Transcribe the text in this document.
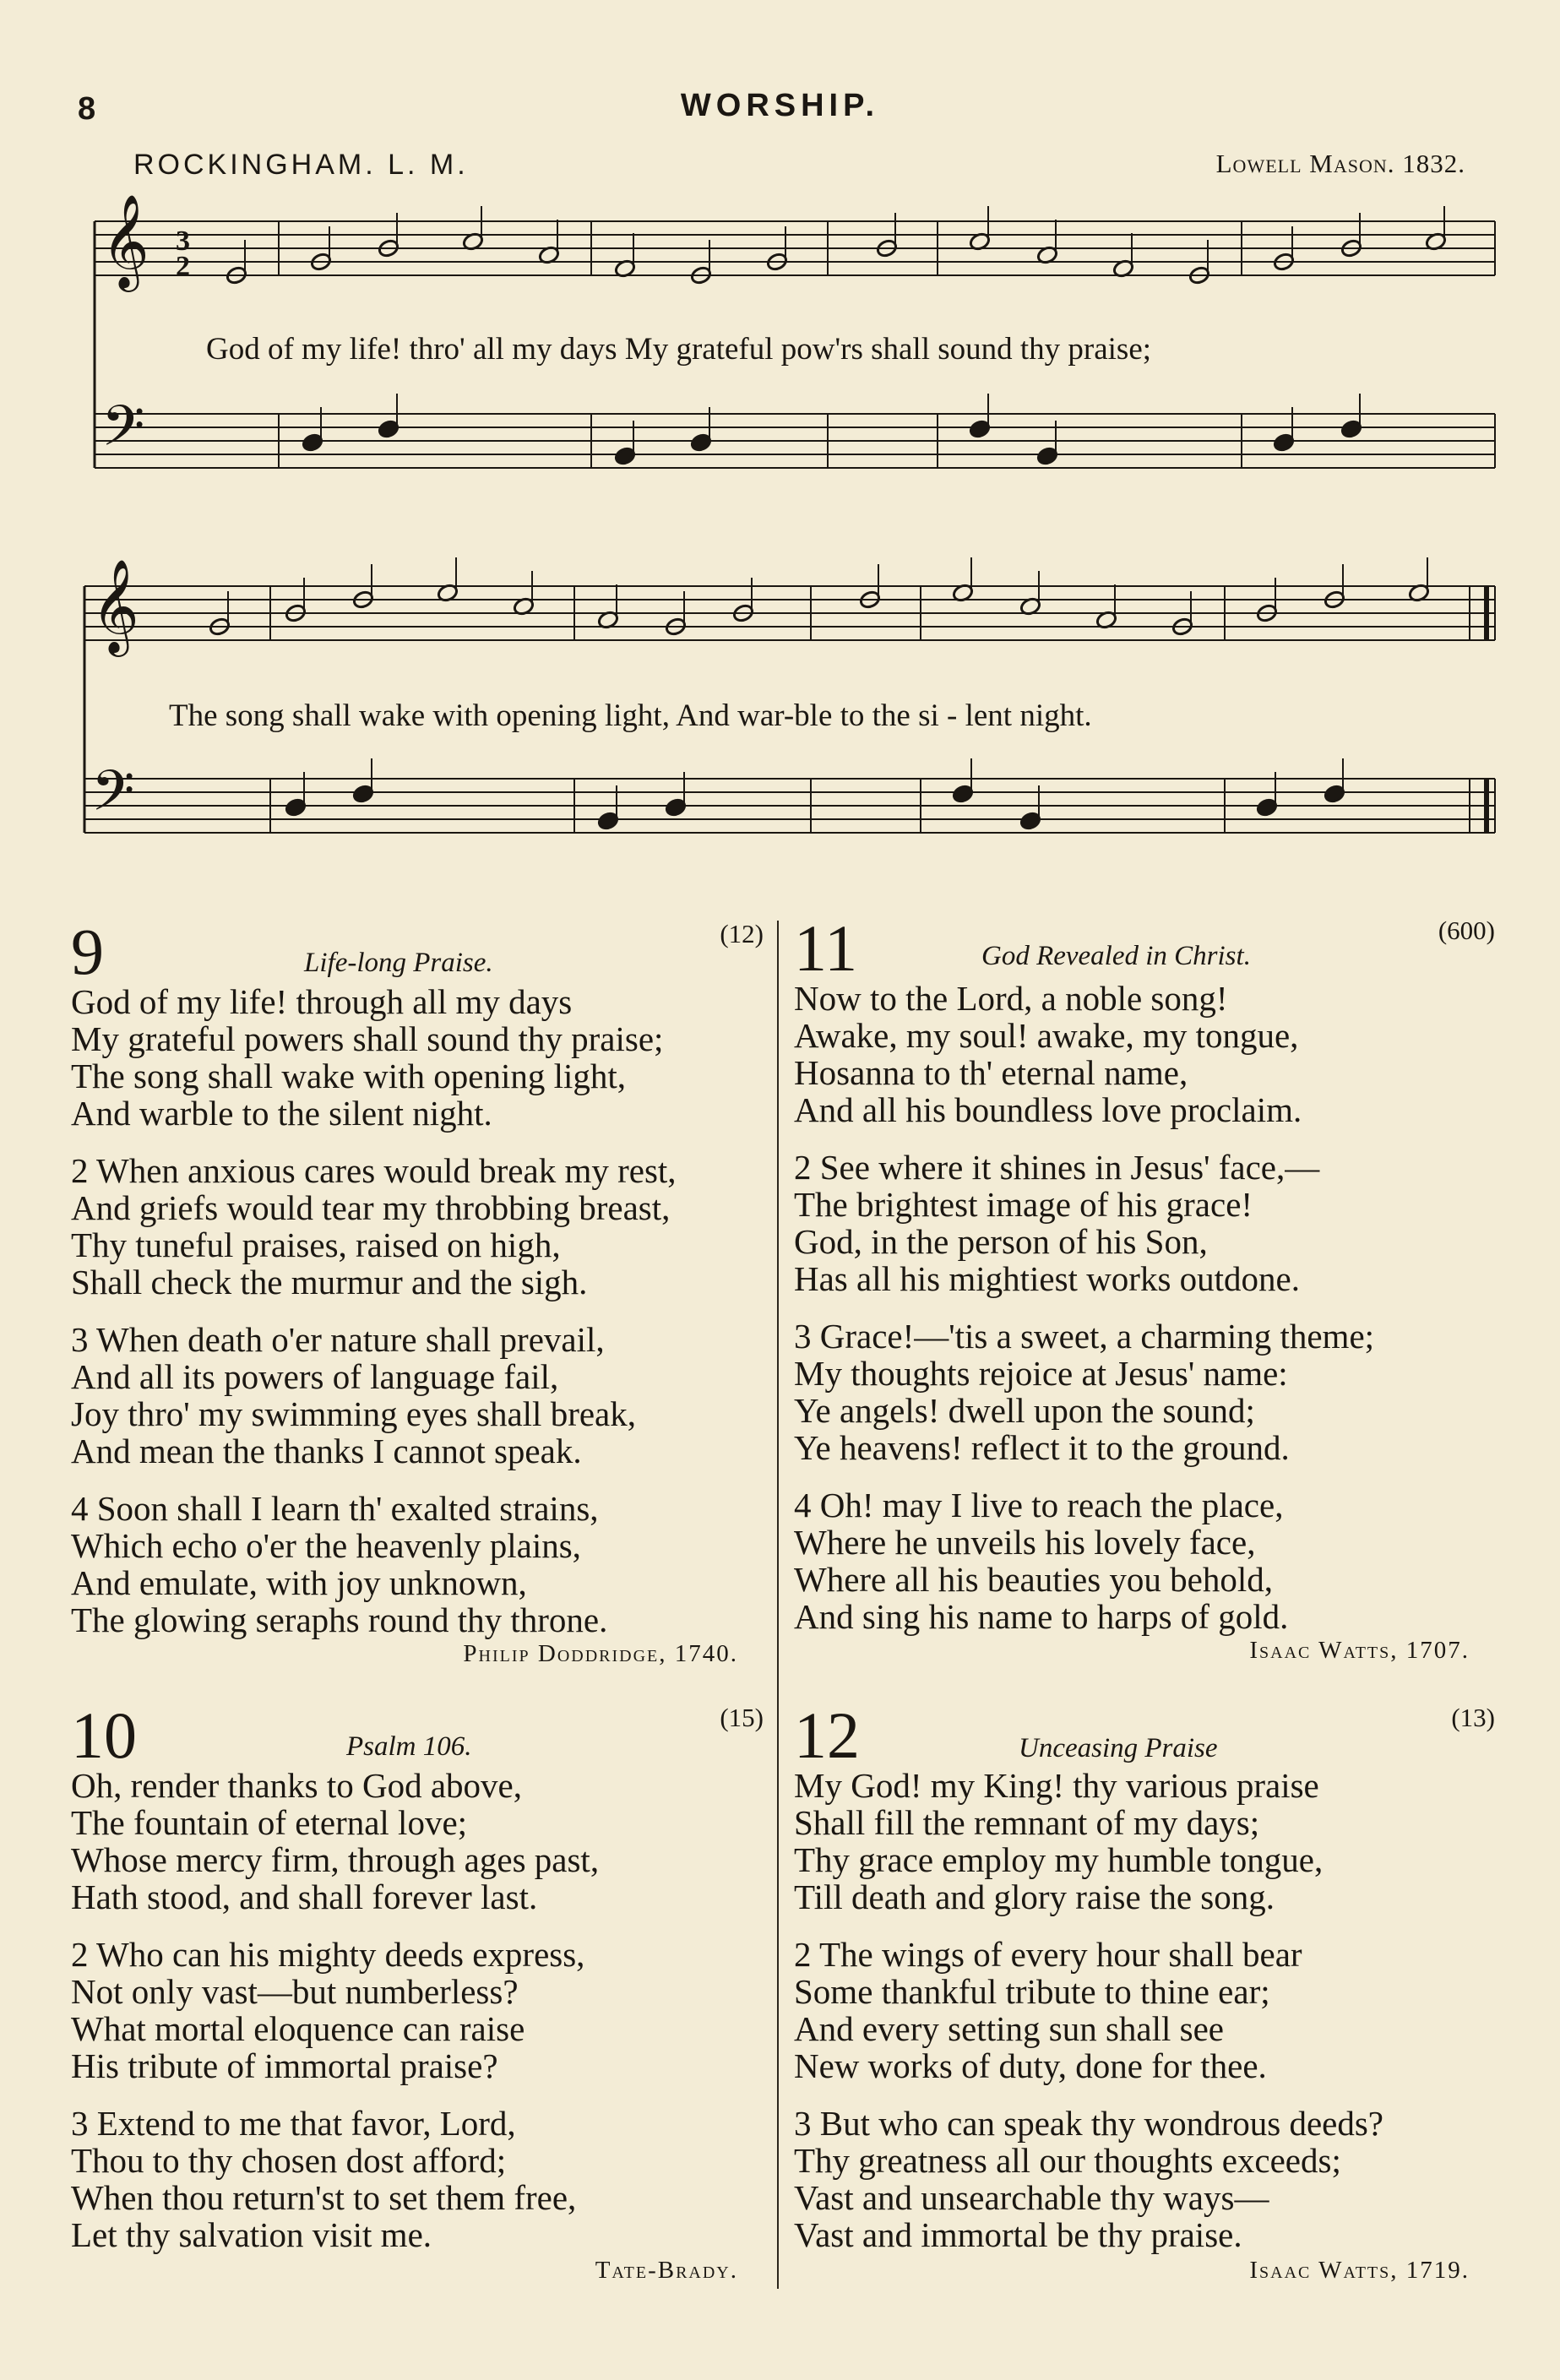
8	WORSHIP.
ROCKINGHAM. L. M.	Lowell Mason. 1832.
𝄞
𝄢
3
2
𝄞
𝄢
God of my life! thro' all my days My grateful pow'rs shall sound thy praise;
The song shall wake with opening light, And war-ble to the si - lent night.
9	Life-long Praise.
(12)
God of my life! through all my days
My grateful powers shall sound thy praise;
The song shall wake with opening light,
And warble to the silent night.
2 When anxious cares would break my rest,
And griefs would tear my throbbing breast,
Thy tuneful praises, raised on high,
Shall check the murmur and the sigh.
3 When death o'er nature shall prevail,
And all its powers of language fail,
Joy thro' my swimming eyes shall break,
And mean the thanks I cannot speak.
4 Soon shall I learn th' exalted strains,
Which echo o'er the heavenly plains,
And emulate, with joy unknown,
The glowing seraphs round thy throne.
Philip Doddridge, 1740.
10	Psalm 106.
(15)
Oh, render thanks to God above,
The fountain of eternal love;
Whose mercy firm, through ages past,
Hath stood, and shall forever last.
2 Who can his mighty deeds express,
Not only vast—but numberless?
What mortal eloquence can raise
His tribute of immortal praise?
3 Extend to me that favor, Lord,
Thou to thy chosen dost afford;
When thou return'st to set them free,
Let thy salvation visit me.
Tate-Brady.
11	God Revealed in Christ.
(600)
Now to the Lord, a noble song!
Awake, my soul! awake, my tongue,
Hosanna to th' eternal name,
And all his boundless love proclaim.
2 See where it shines in Jesus' face,—
The brightest image of his grace!
God, in the person of his Son,
Has all his mightiest works outdone.
3 Grace!—'tis a sweet, a charming theme;
My thoughts rejoice at Jesus' name:
Ye angels! dwell upon the sound;
Ye heavens! reflect it to the ground.
4 Oh! may I live to reach the place,
Where he unveils his lovely face,
Where all his beauties you behold,
And sing his name to harps of gold.
Isaac Watts, 1707.
12	Unceasing Praise
(13)
My God! my King! thy various praise
Shall fill the remnant of my days;
Thy grace employ my humble tongue,
Till death and glory raise the song.
2 The wings of every hour shall bear
Some thankful tribute to thine ear;
And every setting sun shall see
New works of duty, done for thee.
3 But who can speak thy wondrous deeds?
Thy greatness all our thoughts exceeds;
Vast and unsearchable thy ways—
Vast and immortal be thy praise.
Isaac Watts, 1719.
